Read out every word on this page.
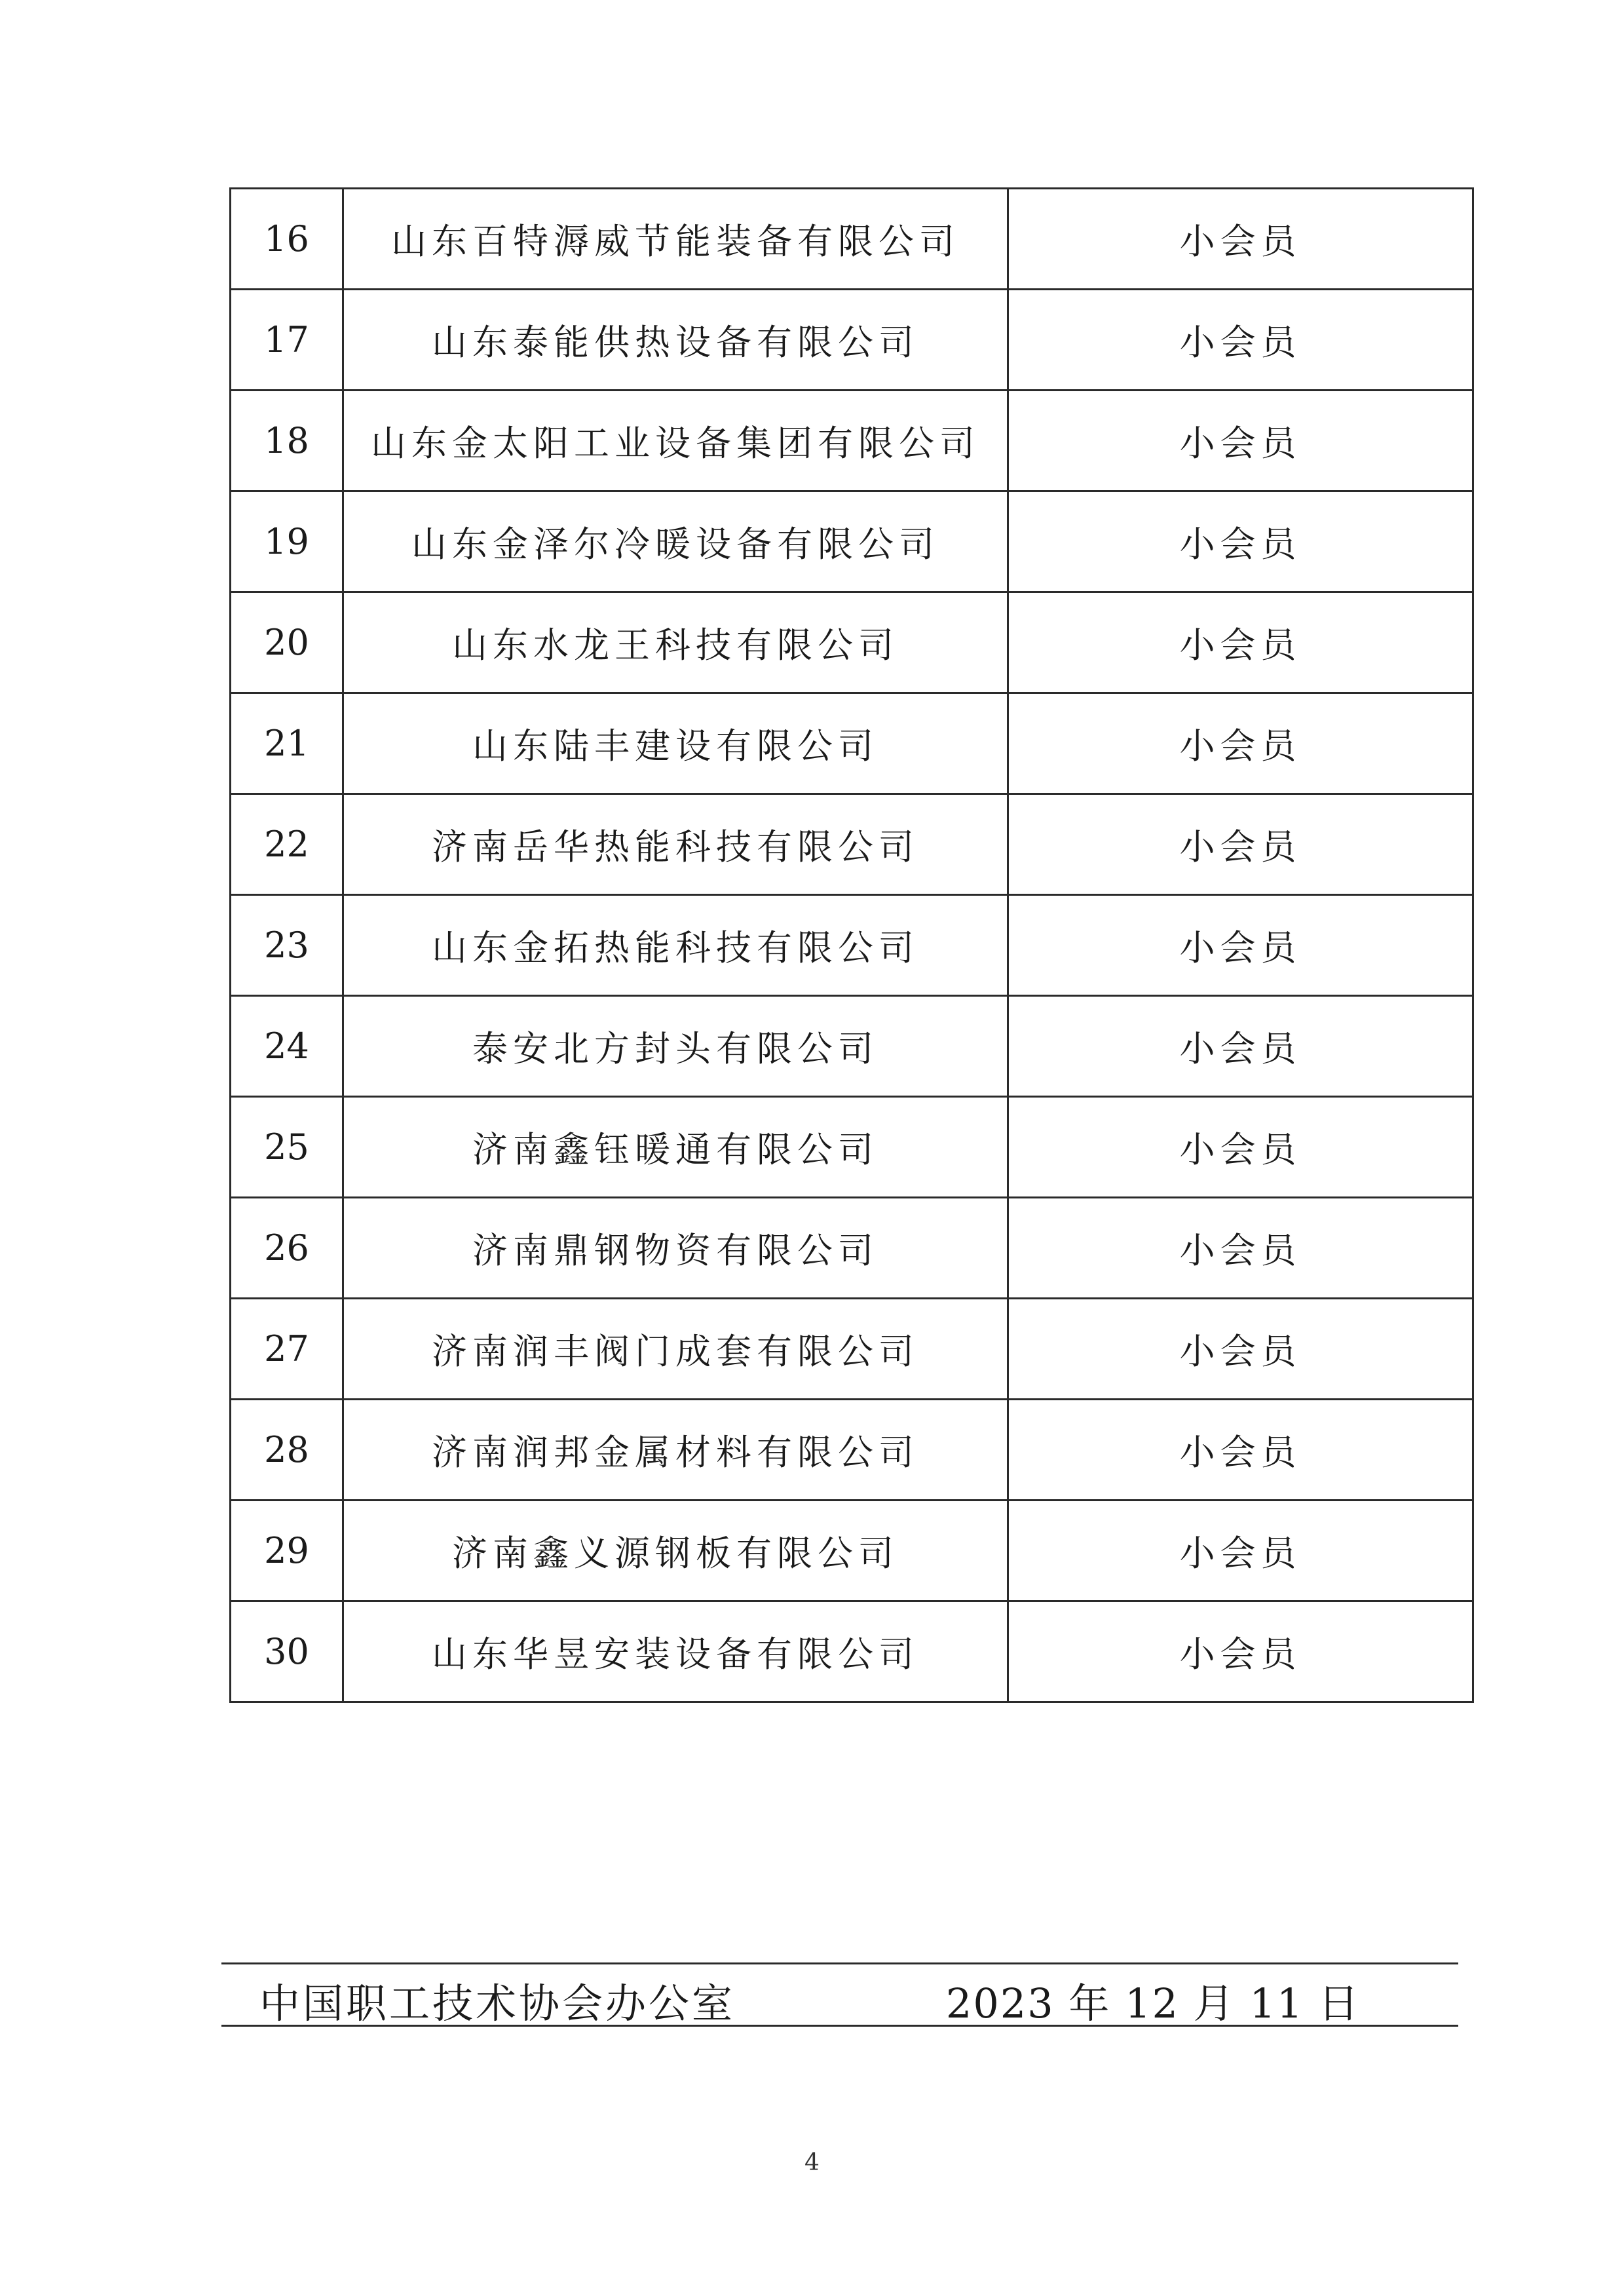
16	山东百特溽威节能装备有限公司	小会员
17	山东泰能供热设备有限公司	小会员
18	山东金太阳工业设备集团有限公司	小会员
19	山东金泽尔冷暖设备有限公司	小会员
20	山东水龙王科技有限公司	小会员
21	山东陆丰建设有限公司	小会员
22	济南岳华热能科技有限公司	小会员
23	山东金拓热能科技有限公司	小会员
24	泰安北方封头有限公司	小会员
25	济南鑫钰暖通有限公司	小会员
26	济南鼎钢物资有限公司	小会员
27	济南润丰阀门成套有限公司	小会员
28	济南润邦金属材料有限公司	小会员
29	济南鑫义源钢板有限公司	小会员
30	山东华昱安装设备有限公司	小会员
中国职工技术协会办公室	2023 年 12 月 11 日
4
